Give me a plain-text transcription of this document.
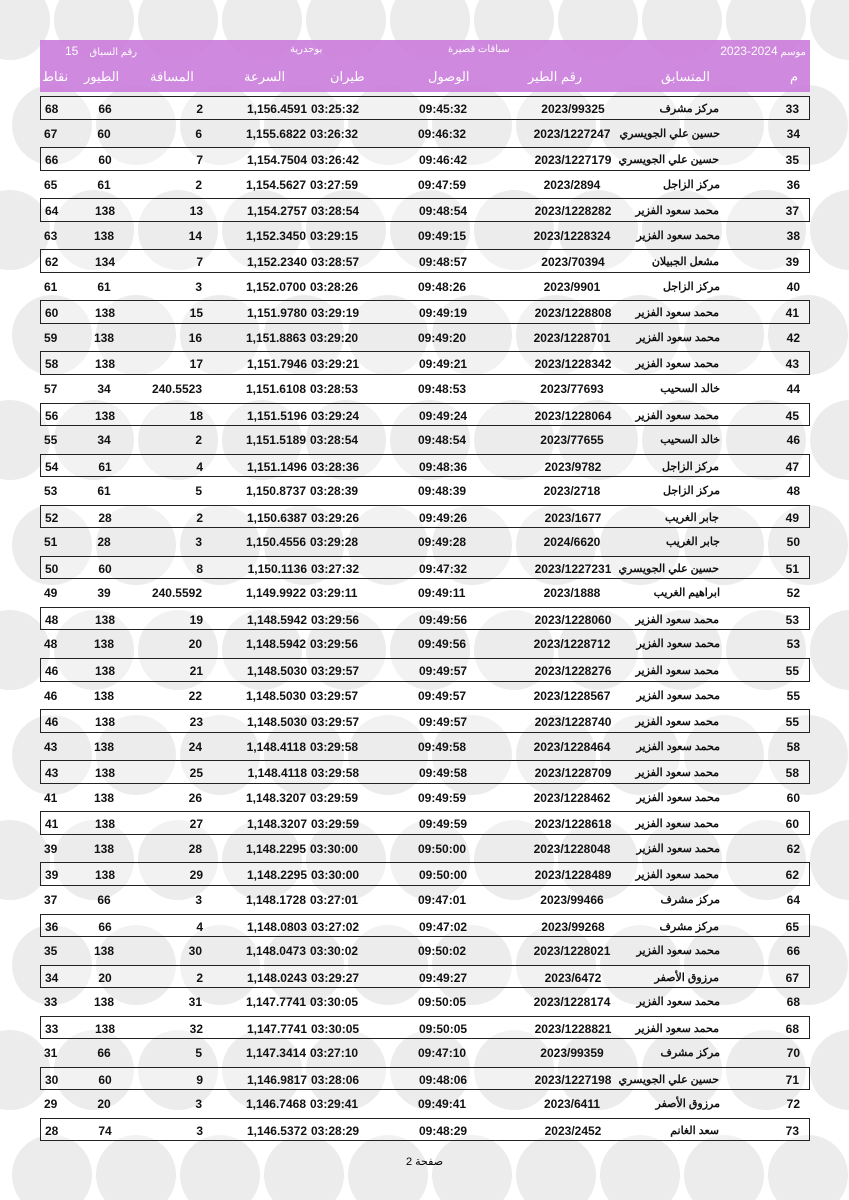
موسم 2024-2023
سباقات قصيرة
بوحدرية
15 رقم السباق
م
المتسابق
رقم الطير
الوصول
طيران
السرعة
المسافة
الطيور
نقاط
33
مركز مشرف
2023/99325
09:45:32
03:25:32
1,156.4591
2
66
68
34
حسين علي الجويسري
2023/1227247
09:46:32
03:26:32
1,155.6822
6
60
67
35
حسين علي الجويسري
2023/1227179
09:46:42
03:26:42
1,154.7504
7
60
66
36
مركز الزاجل
2023/2894
09:47:59
03:27:59
1,154.5627
2
61
65
37
محمد سعود الفزير
2023/1228282
09:48:54
03:28:54
1,154.2757
13
138
64
38
محمد سعود الفزير
2023/1228324
09:49:15
03:29:15
1,152.3450
14
138
63
39
مشعل الجبيلان
2023/70394
09:48:57
03:28:57
1,152.2340
7
134
62
40
مركز الزاجل
2023/9901
09:48:26
03:28:26
1,152.0700
3
61
61
41
محمد سعود الفزير
2023/1228808
09:49:19
03:29:19
1,151.9780
15
138
60
42
محمد سعود الفزير
2023/1228701
09:49:20
03:29:20
1,151.8863
16
138
59
43
محمد سعود الفزير
2023/1228342
09:49:21
03:29:21
1,151.7946
17
138
58
44
خالد السحيب
2023/77693
09:48:53
03:28:53
1,151.6108
240.5523
34
57
45
محمد سعود الفزير
2023/1228064
09:49:24
03:29:24
1,151.5196
18
138
56
46
خالد السحيب
2023/77655
09:48:54
03:28:54
1,151.5189
2
34
55
47
مركز الزاجل
2023/9782
09:48:36
03:28:36
1,151.1496
4
61
54
48
مركز الزاجل
2023/2718
09:48:39
03:28:39
1,150.8737
5
61
53
49
جابر الغريب
2023/1677
09:49:26
03:29:26
1,150.6387
2
28
52
50
جابر الغريب
2024/6620
09:49:28
03:29:28
1,150.4556
3
28
51
51
حسين علي الجويسري
2023/1227231
09:47:32
03:27:32
1,150.1136
8
60
50
52
ابراهيم الغريب
2023/1888
09:49:11
03:29:11
1,149.9922
240.5592
39
49
53
محمد سعود الفزير
2023/1228060
09:49:56
03:29:56
1,148.5942
19
138
48
53
محمد سعود الفزير
2023/1228712
09:49:56
03:29:56
1,148.5942
20
138
48
55
محمد سعود الفزير
2023/1228276
09:49:57
03:29:57
1,148.5030
21
138
46
55
محمد سعود الفزير
2023/1228567
09:49:57
03:29:57
1,148.5030
22
138
46
55
محمد سعود الفزير
2023/1228740
09:49:57
03:29:57
1,148.5030
23
138
46
58
محمد سعود الفزير
2023/1228464
09:49:58
03:29:58
1,148.4118
24
138
43
58
محمد سعود الفزير
2023/1228709
09:49:58
03:29:58
1,148.4118
25
138
43
60
محمد سعود الفزير
2023/1228462
09:49:59
03:29:59
1,148.3207
26
138
41
60
محمد سعود الفزير
2023/1228618
09:49:59
03:29:59
1,148.3207
27
138
41
62
محمد سعود الفزير
2023/1228048
09:50:00
03:30:00
1,148.2295
28
138
39
62
محمد سعود الفزير
2023/1228489
09:50:00
03:30:00
1,148.2295
29
138
39
64
مركز مشرف
2023/99466
09:47:01
03:27:01
1,148.1728
3
66
37
65
مركز مشرف
2023/99268
09:47:02
03:27:02
1,148.0803
4
66
36
66
محمد سعود الفزير
2023/1228021
09:50:02
03:30:02
1,148.0473
30
138
35
67
مرزوق الأصفر
2023/6472
09:49:27
03:29:27
1,148.0243
2
20
34
68
محمد سعود الفزير
2023/1228174
09:50:05
03:30:05
1,147.7741
31
138
33
68
محمد سعود الفزير
2023/1228821
09:50:05
03:30:05
1,147.7741
32
138
33
70
مركز مشرف
2023/99359
09:47:10
03:27:10
1,147.3414
5
66
31
71
حسين علي الجويسري
2023/1227198
09:48:06
03:28:06
1,146.9817
9
60
30
72
مرزوق الأصفر
2023/6411
09:49:41
03:29:41
1,146.7468
3
20
29
73
سعد الغانم
2023/2452
09:48:29
03:28:29
1,146.5372
3
74
28
صفحة 2
